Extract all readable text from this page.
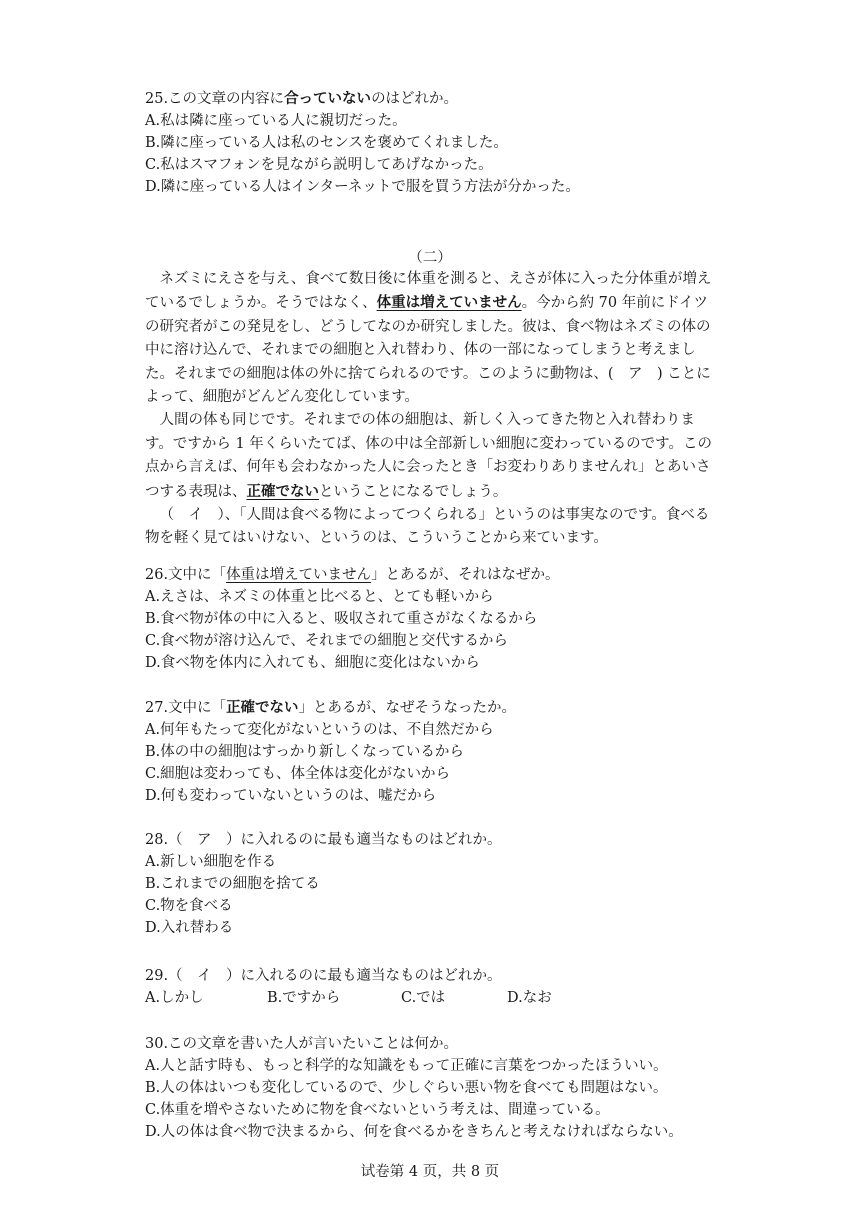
25.この文章の内容に合っていないのはどれか。
A.私は隣に座っている人に親切だった。
B.隣に座っている人は私のセンスを褒めてくれました。
C.私はスマフォンを見ながら説明してあげなかった。
D.隣に座っている人はインターネットで服を買う方法が分かった。
（二）

ネズミにえさを与え、食べて数日後に体重を測ると、えさが体に入った分体重が増えているでしょうか。そうではなく、体重は増えていません。今から約 70 年前にドイツの研究者がこの発見をし、どうしてなのか研究しました。彼は、食べ物はネズミの体の中に溶け込んで、それまでの細胞と入れ替わり、体の一部になってしまうと考えました。それまでの細胞は体の外に捨てられるのです。このように動物は、(　ア　) ことによって、細胞がどんどん変化しています。

人間の体も同じです。それまでの体の細胞は、新しく入ってきた物と入れ替わります。ですから 1 年くらいたてば、体の中は全部新しい細胞に変わっているのです。この点から言えば、何年も会わなかった人に会ったとき「お変わりありませんれ」とあいさつする表現は、正確でないということになるでしょう。

（　イ　）、「人間は食べる物によってつくられる」というのは事実なのです。食べる物を軽く見てはいけない、というのは、こういうことから来ています。

26.文中に「体重は増えていません」とあるが、それはなぜか。
A.えさは、ネズミの体重と比べると、とても軽いから
B.食べ物が体の中に入ると、吸収されて重さがなくなるから
C.食べ物が溶け込んで、それまでの細胞と交代するから
D.食べ物を体内に入れても、細胞に変化はないから
27.文中に「正確でない」とあるが、なぜそうなったか。
A.何年もたって変化がないというのは、不自然だから
B.体の中の細胞はすっかり新しくなっているから
C.細胞は変わっても、体全体は変化がないから
D.何も変わっていないというのは、嘘だから
28.（　ア　）に入れるのに最も適当なものはどれか。
A.新しい細胞を作る
B.これまでの細胞を捨てる
C.物を食べる
D.入れ替わる
29.（　イ　）に入れるのに最も適当なものはどれか。
A.しかし	B.ですから	C.では	D.なお
30.この文章を書いた人が言いたいことは何か。
A.人と話す時も、もっと科学的な知識をもって正確に言葉をつかったほういい。
B.人の体はいつも変化しているので、少しぐらい悪い物を食べても問題はない。
C.体重を増やさないために物を食べないという考えは、間違っている。
D.人の体は食べ物で決まるから、何を食べるかをきちんと考えなければならない。
试卷第 4 页，共 8 页
